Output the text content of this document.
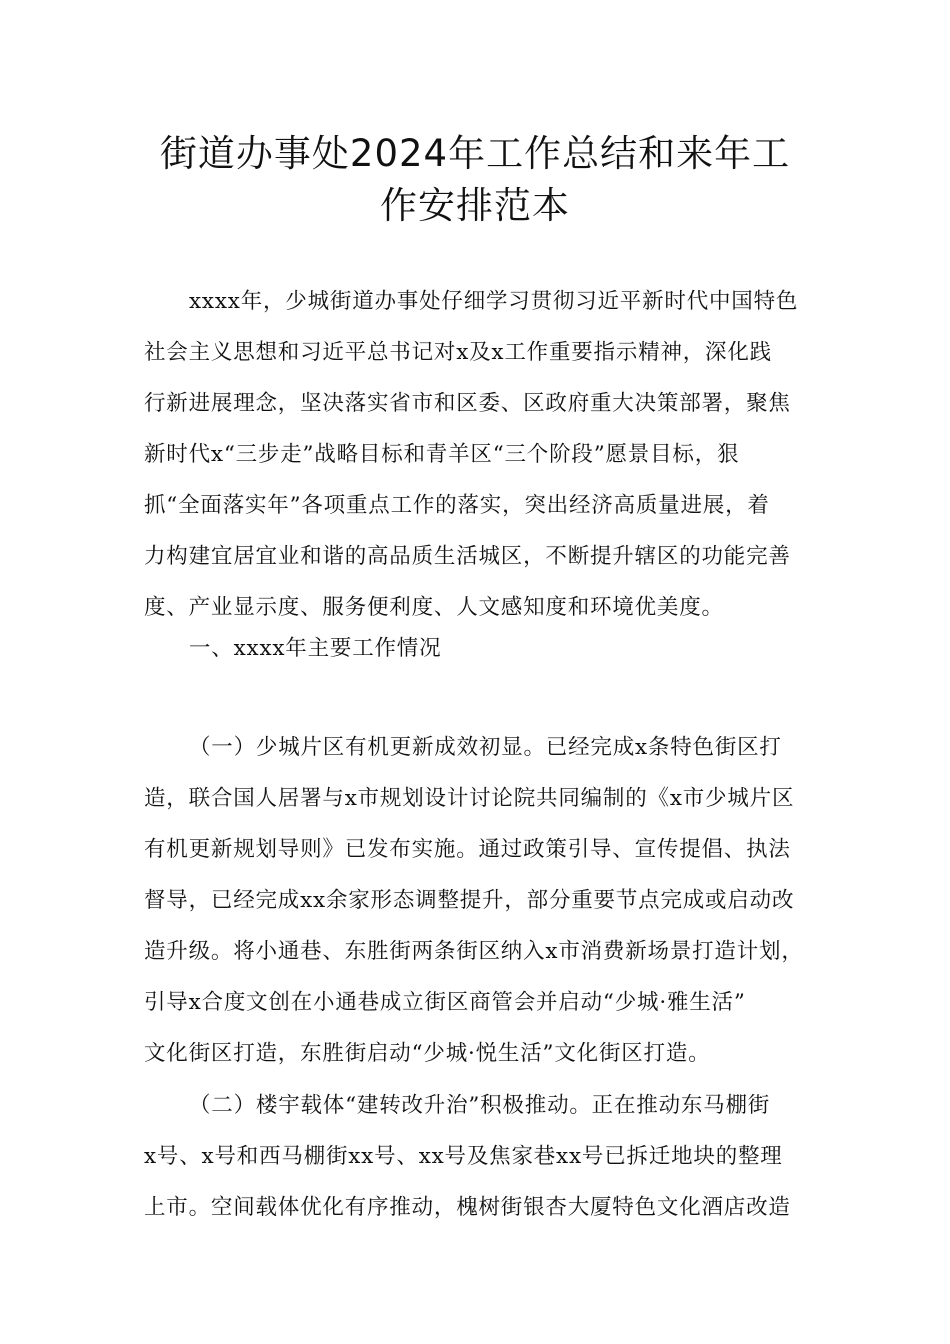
街道办事处2024年工作总结和来年工
作安排范本
xxxx年，少城街道办事处仔细学习贯彻习近平新时代中国特色
社会主义思想和习近平总书记对x及x工作重要指示精神，深化践
行新进展理念，坚决落实省市和区委、区政府重大决策部署，聚焦
新时代x“三步走”战略目标和青羊区“三个阶段”愿景目标，狠
抓“全面落实年”各项重点工作的落实，突出经济高质量进展，着
力构建宜居宜业和谐的高品质生活城区，不断提升辖区的功能完善
度、产业显示度、服务便利度、人文感知度和环境优美度。
一、xxxx年主要工作情况
（一）少城片区有机更新成效初显。已经完成x条特色街区打
造，联合国人居署与x市规划设计讨论院共同编制的《x市少城片区
有机更新规划导则》已发布实施。通过政策引导、宣传提倡、执法
督导，已经完成xx余家形态调整提升，部分重要节点完成或启动改
造升级。将小通巷、东胜街两条街区纳入x市消费新场景打造计划，
引导x合度文创在小通巷成立街区商管会并启动“少城·雅生活”
文化街区打造，东胜街启动“少城·悦生活”文化街区打造。
（二）楼宇载体“建转改升治”积极推动。正在推动东马棚街
x号、x号和西马棚街xx号、xx号及焦家巷xx号已拆迁地块的整理
上市。空间载体优化有序推动，槐树街银杏大厦特色文化酒店改造
